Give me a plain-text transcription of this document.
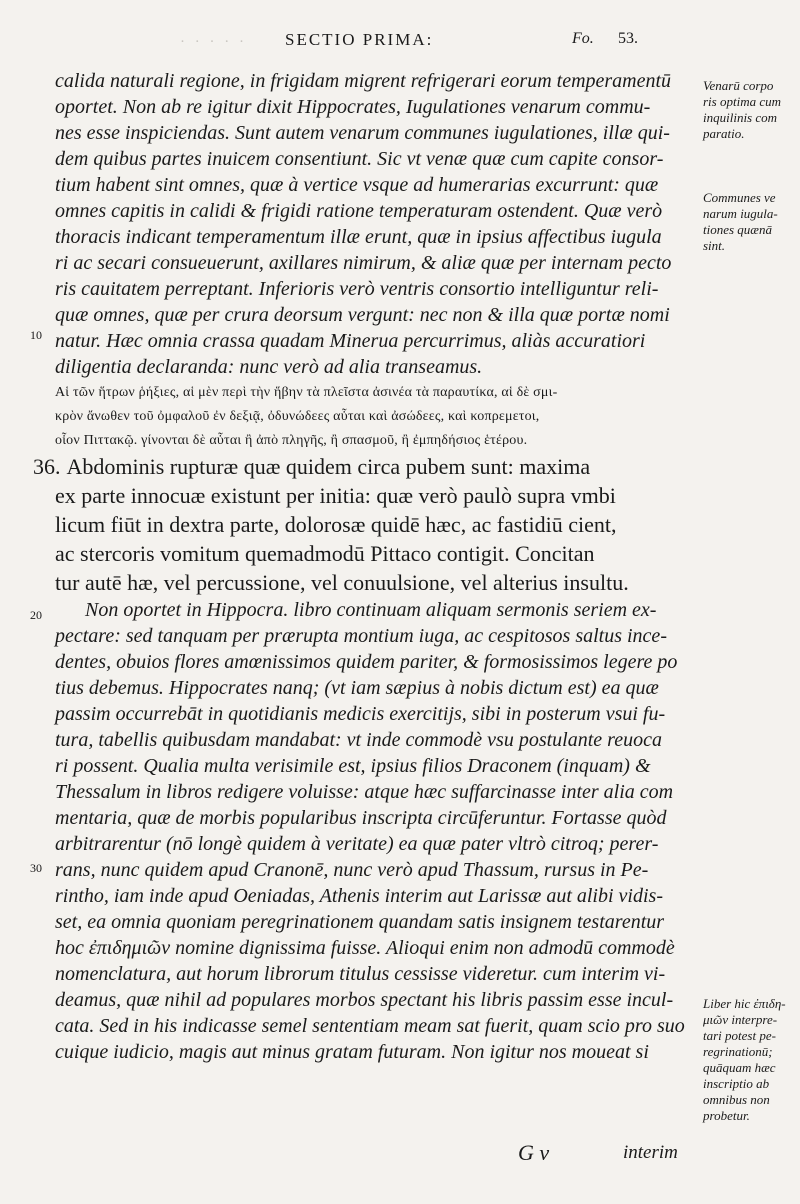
· · · · · SECTIO PRIMA:	Fo. 53.
calida naturali regione, in frigidam migrent refrigerari eorum temperamentū
oportet. Non ab re igitur dixit Hippocrates, Iugulationes venarum commu-
nes esse inspiciendas. Sunt autem venarum communes iugulationes, illæ qui-
dem quibus partes inuicem consentiunt. Sic vt venæ quæ cum capite consor-
tium habent sint omnes, quæ à vertice vsque ad humerarias excurrunt: quæ
omnes capitis in calidi & frigidi ratione temperaturam ostendent. Quæ verò
thoracis indicant temperamentum illæ erunt, quæ in ipsius affectibus iugula
ri ac secari consueuerunt, axillares nimirum, & aliæ quæ per internam pecto
ris cauitatem perreptant. Inferioris verò ventris consortio intelliguntur reli-
quæ omnes, quæ per crura deorsum vergunt: nec non & illa quæ portæ nomi
natur. Hæc omnia crassa quadam Minerua percurrimus, aliàs accuratiori
diligentia declaranda: nunc verò ad alia transeamus.
Αἱ τῶν ἥτρων ῥήξιες, αἱ μὲν περὶ τὴν ἥβην τὰ πλεῖστα ἀσινέα τὰ παραυτίκα, αἱ δὲ σμι-
κρὸν ἄνωθεν τοῦ ὀμφαλοῦ ἐν δεξιᾷ, ὀδυνώδεες αὗται καὶ ἀσώδεες, καὶ κοπρεμετοι,
οἷον Πιττακῷ. γίνονται δὲ αὗται ἢ ἀπὸ πληγῆς, ἢ σπασμοῦ, ἢ ἐμπηδήσιος ἑτέρου.
36. Abdominis rupturæ quæ quidem circa pubem sunt: maxima
ex parte innocuæ existunt per initia: quæ verò paulò supra vmbi
licum fiūt in dextra parte, dolorosæ quidē hæc, ac fastidiū cient,
ac stercoris vomitum quemadmodū Pittaco contigit. Concitan
tur autē hæ, vel percussione, vel conuulsione, vel alterius insultu.
Non oportet in Hippocra. libro continuam aliquam sermonis seriem ex-
pectare: sed tanquam per prærupta montium iuga, ac cespitosos saltus ince-
dentes, obuios flores amœnissimos quidem pariter, & formosissimos legere po
tius debemus. Hippocrates nanq; (vt iam sæpius à nobis dictum est) ea quæ
passim occurrebāt in quotidianis medicis exercitijs, sibi in posterum vsui fu-
tura, tabellis quibusdam mandabat: vt inde commodè vsu postulante reuoca
ri possent. Qualia multa verisimile est, ipsius filios Draconem (inquam) &
Thessalum in libros redigere voluisse: atque hæc suffarcinasse inter alia com
mentaria, quæ de morbis popularibus inscripta circūferuntur. Fortasse quòd
arbitrarentur (nō longè quidem à veritate) ea quæ pater vltrò citroq; perer-
rans, nunc quidem apud Cranonē, nunc verò apud Thassum, rursus in Pe-
rintho, iam inde apud Oeniadas, Athenis interim aut Larissæ aut alibi vidis-
set, ea omnia quoniam peregrinationem quandam satis insignem testarentur
hoc ἐπιδημιῶν nomine dignissima fuisse. Alioqui enim non admodū commodè
nomenclatura, aut horum librorum titulus cessisse videretur. cum interim vi-
deamus, quæ nihil ad populares morbos spectant his libris passim esse incul-
cata. Sed in his indicasse semel sententiam meam sat fuerit, quam scio pro suo
cuique iudicio, magis aut minus gratam futuram. Non igitur nos moueat si
10
20
30
Venarū corpo
ris optima cum
inquilinis com
paratio.
Communes ve
narum iugula-
tiones quænā
sint.
Liber hic ἐπιδη-
μιῶν interpre-
tari potest pe-
regrinationū;
quāquam hæc
inscriptio ab
omnibus non
probetur.
G v	interim
